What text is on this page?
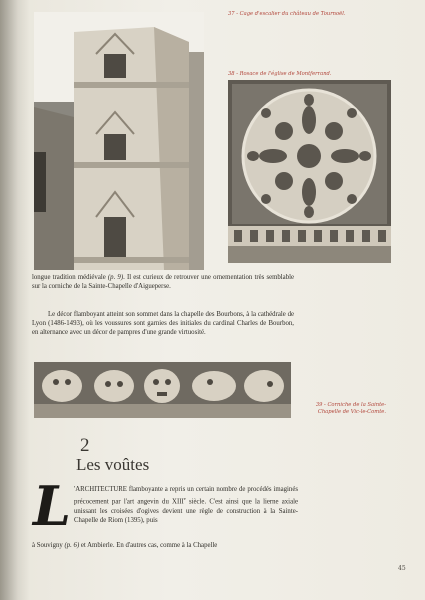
37 - Cage d'escalier du château de Tournoël.
38 - Rosace de l'église de Montferrand.

longue tradition médiévale (p. 9). Il est curieux de retrouver une ornementation très semblable sur la corniche de la Sainte-Chapelle d'Aigueperse.

Le décor flamboyant atteint son sommet dans la chapelle des Bourbons, à la cathédrale de Lyon (1486-1493), où les voussures sont garnies des initiales du cardinal Charles de Bourbon, en alternance avec un décor de pampres d'une grande virtuosité.

39 - Corniche de la Sainte-Chapelle de Vic-le-Comte.
2
Les voûtes
L 'ARCHITECTURE flamboyante a repris un certain nombre de procédés imaginés précocement par l'art angevin du XIIIe siècle. C'est ainsi que la lierne axiale unissant les croisées d'ogives devient une règle de construction à la Sainte-Chapelle de Riom (1395), puis

à Souvigny (p. 6) et Ambierle. En d'autres cas, comme à la Chapelle

45
